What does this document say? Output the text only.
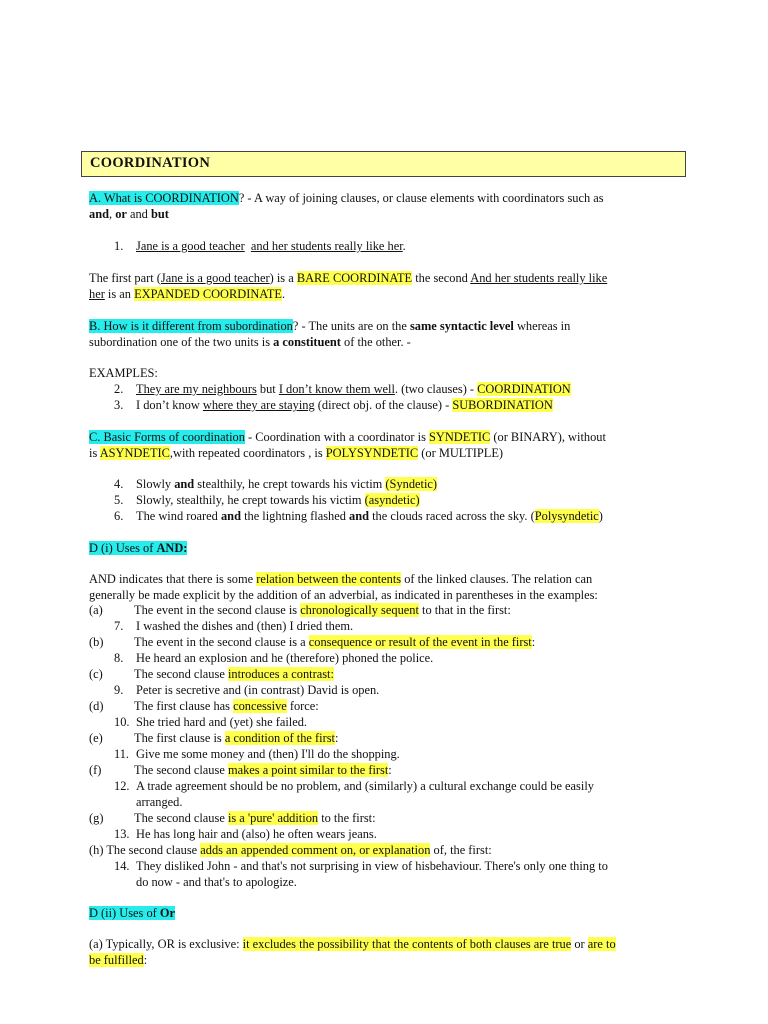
COORDINATION
A. What is COORDINATION? - A way of joining clauses, or clause elements with coordinators such as
and, or and but
1. Jane is a good teacher and her students really like her.
The first part (Jane is a good teacher) is a BARE COORDINATE the second And her students really like
her is an EXPANDED COORDINATE.
B. How is it different from subordination? - The units are on the same syntactic level whereas in
subordination one of the two units is a constituent of the other. -
EXAMPLES:
2. They are my neighbours but I don’t know them well. (two clauses) - COORDINATION
3. I don’t know where they are staying (direct obj. of the clause) - SUBORDINATION
C. Basic Forms of coordination - Coordination with a coordinator is SYNDETIC (or BINARY), without
is ASYNDETIC,with repeated coordinators , is POLYSYNDETIC (or MULTIPLE)
4. Slowly and stealthily, he crept towards his victim (Syndetic)
5. Slowly, stealthily, he crept towards his victim (asyndetic)
6. The wind roared and the lightning flashed and the clouds raced across the sky. (Polysyndetic)
D (i) Uses of AND:
AND indicates that there is some relation between the contents of the linked clauses. The relation can
generally be made explicit by the addition of an adverbial, as indicated in parentheses in the examples:
(a)	The event in the second clause is chronologically sequent to that in the first:
7. I washed the dishes and (then) I dried them.
(b) The event in the second clause is a consequence or result of the event in the first:
8. He heard an explosion and he (therefore) phoned the police.
(c)	The second clause introduces a contrast:
9. Peter is secretive and (in contrast) David is open.
(d) The first clause has concessive force:
10. She tried hard and (yet) she failed.
(e)	The first clause is a condition of the first:
11. Give me some money and (then) I'll do the shopping.
(f)	The second clause makes a point similar to the first:
12. A trade agreement should be no problem, and (similarly) a cultural exchange could be easily
arranged.
(g) The second clause is a 'pure' addition to the first:
13. He has long hair and (also) he often wears jeans.
(h) The second clause adds an appended comment on, or explanation of, the first:
14. They disliked John - and that's not surprising in view of hisbehaviour. There's only one thing to
do now - and that's to apologize.
D (ii) Uses of Or
(a) Typically, OR is exclusive: it excludes the possibility that the contents of both clauses are true or are to
be fulfilled:
